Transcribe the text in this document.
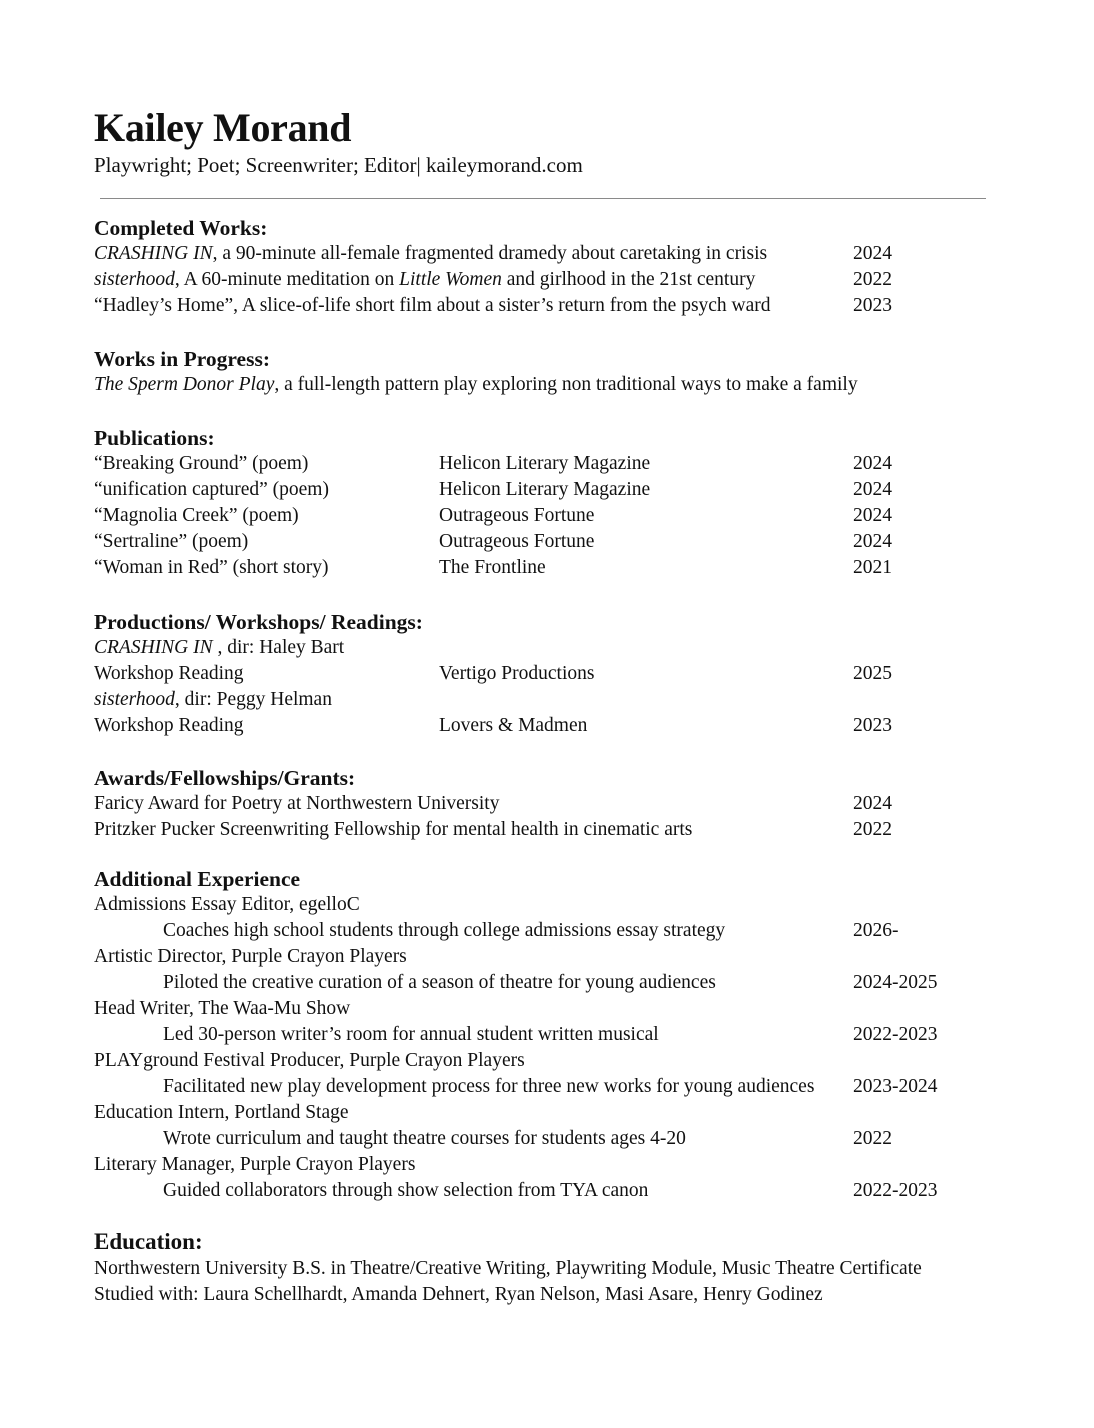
Kailey Morand
Playwright; Poet; Screenwriter; Editor| kaileymorand.com
Completed Works:
CRASHING IN, a 90-minute all-female fragmented dramedy about caretaking in crisis	2024
sisterhood, A 60-minute meditation on Little Women and girlhood in the 21st century	2022
“Hadley’s Home”, A slice-of-life short film about a sister’s return from the psych ward	2023
Works in Progress:
The Sperm Donor Play, a full-length pattern play exploring non traditional ways to make a family
Publications:
“Breaking Ground” (poem)	Helicon Literary Magazine	2024
“unification captured” (poem)	Helicon Literary Magazine	2024
“Magnolia Creek” (poem)	Outrageous Fortune	2024
“Sertraline” (poem)	Outrageous Fortune	2024
“Woman in Red” (short story)	The Frontline	2021
Productions/ Workshops/ Readings:
CRASHING IN , dir: Haley Bart
Workshop Reading	Vertigo Productions	2025
sisterhood, dir: Peggy Helman
Workshop Reading	Lovers & Madmen	2023
Awards/Fellowships/Grants:
Faricy Award for Poetry at Northwestern University	2024
Pritzker Pucker Screenwriting Fellowship for mental health in cinematic arts	2022
Additional Experience
Admissions Essay Editor, egelloC
Coaches high school students through college admissions essay strategy	2026-
Artistic Director, Purple Crayon Players
Piloted the creative curation of a season of theatre for young audiences	2024-2025
Head Writer, The Waa-Mu Show
Led 30-person writer’s room for annual student written musical	2022-2023
PLAYground Festival Producer, Purple Crayon Players
Facilitated new play development process for three new works for young audiences 2023-2024
Education Intern, Portland Stage
Wrote curriculum and taught theatre courses for students ages 4-20	2022
Literary Manager, Purple Crayon Players
Guided collaborators through show selection from TYA canon	2022-2023
Education:
Northwestern University B.S. in Theatre/Creative Writing, Playwriting Module, Music Theatre Certificate
Studied with: Laura Schellhardt, Amanda Dehnert, Ryan Nelson, Masi Asare, Henry Godinez
